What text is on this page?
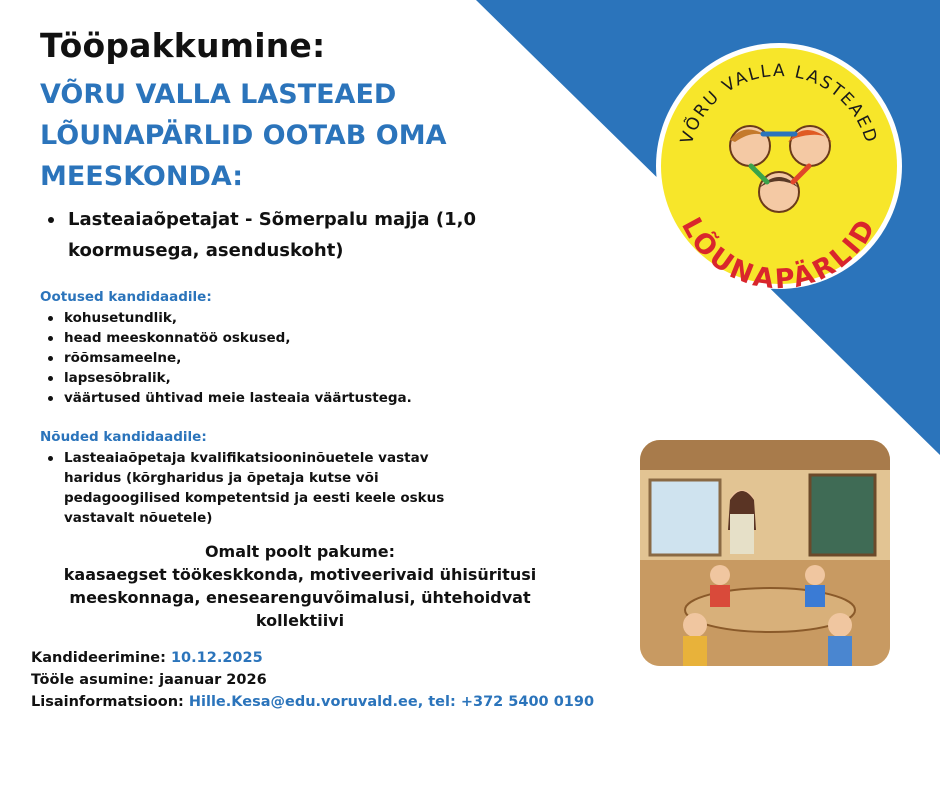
Tööpakkumine:
VÕRU VALLA LASTEAED LÕUNAPÄRLID OOTAB OMA MEESKONDA:
Lasteaiaõpetajat - Sõmerpalu majja (1,0 koormusega, asenduskoht)

Ootused kandidaadile:

kohusetundlik,
head meeskonnatöö oskused,
rõõmsameelne,
lapsesõbralik,
väärtused ühtivad meie lasteaia väärtustega.

Nõuded kandidaadile:

Lasteaiaõpetaja kvalifikatsiooninõuetele vastav haridus (kõrgharidus ja õpetaja kutse või pedagoogilised kompetentsid ja eesti keele oskus vastavalt nõuetele)

Omalt poolt pakume:

kaasaegset töökeskkonda, motiveerivaid ühisüritusi meeskonnaga, enesearenguvõimalusi, ühtehoidvat kollektiivi

Kandideerimine: 10.12.2025

Tööle asumine: jaanuar 2026

Lisainformatsioon: Hille.Kesa@edu.voruvald.ee, tel: +372 5400 0190

VÕRU VALLA LASTEAED
LÕUNAPÄRLID
